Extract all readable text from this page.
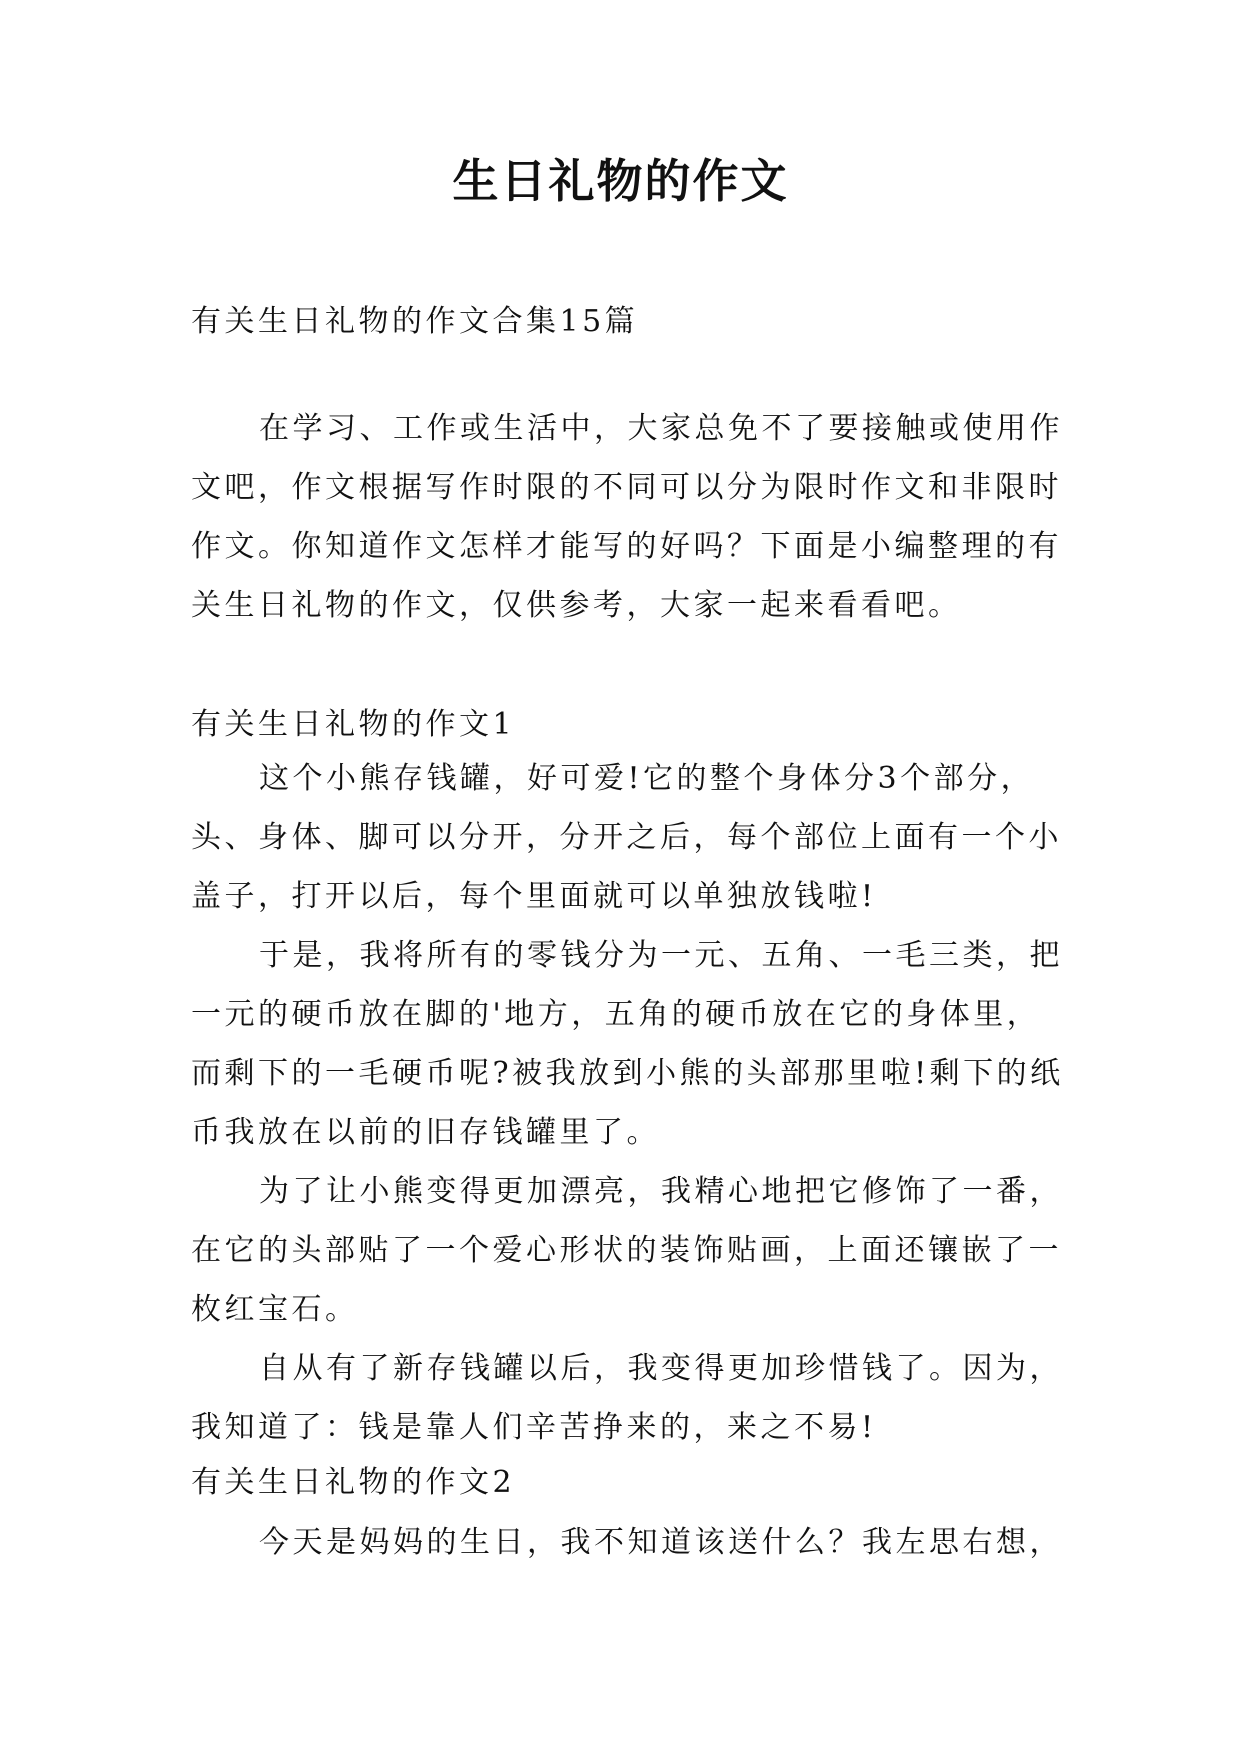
生日礼物的作文

有关生日礼物的作文合集15篇

在学习、工作或生活中，大家总免不了要接触或使用作

文吧，作文根据写作时限的不同可以分为限时作文和非限时

作文。你知道作文怎样才能写的好吗？下面是小编整理的有

关生日礼物的作文，仅供参考，大家一起来看看吧。

有关生日礼物的作文1

这个小熊存钱罐，好可爱!它的整个身体分3个部分，

头、身体、脚可以分开，分开之后，每个部位上面有一个小

盖子，打开以后，每个里面就可以单独放钱啦!

于是，我将所有的零钱分为一元、五角、一毛三类，把

一元的硬币放在脚的'地方，五角的硬币放在它的身体里，

而剩下的一毛硬币呢?被我放到小熊的头部那里啦!剩下的纸

币我放在以前的旧存钱罐里了。

为了让小熊变得更加漂亮，我精心地把它修饰了一番，

在它的头部贴了一个爱心形状的装饰贴画，上面还镶嵌了一

枚红宝石。

自从有了新存钱罐以后，我变得更加珍惜钱了。因为，

我知道了：钱是靠人们辛苦挣来的，来之不易!

有关生日礼物的作文2

今天是妈妈的生日，我不知道该送什么？我左思右想，
